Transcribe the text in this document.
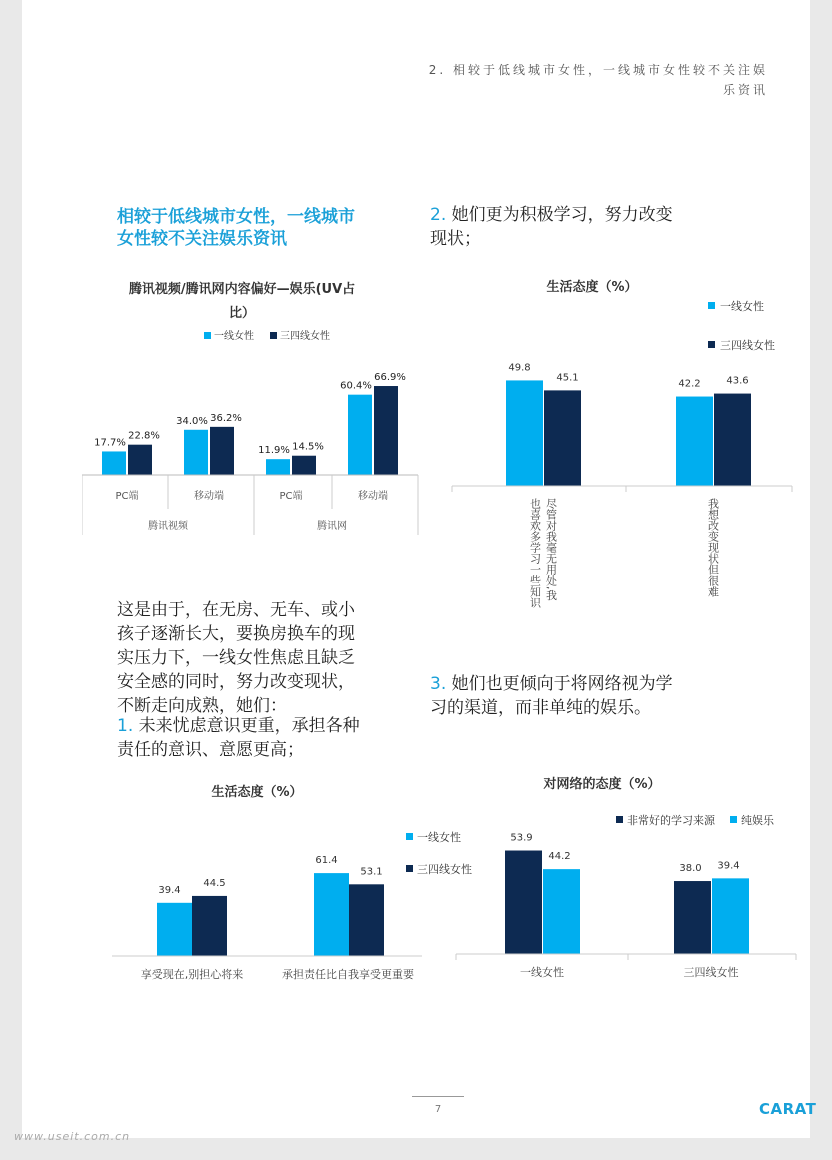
2. 相较于低线城市女性，一线城市女性较不关注娱
乐资讯
相较于低线城市女性，一线城市
女性较不关注娱乐资讯
2. 她们更为积极学习，努力改变
现状；
腾讯视频/腾讯网内容偏好—娱乐(UV占
比）
一线女性	三四线女性
17.7%
22.8%
PC端
34.0% 36.2%
移动端
11.9% 14.5%
PC端
60.4%
66.9%
移动端
腾讯视频	腾讯网
生活态度（%）
一线女性
三四线女性
49.8
45.1
尽管对我毫无用处,我
也喜欢多学习一些知识
42.2	43.6
我想改变现状但很难
这是由于，在无房、无车、或小
孩子逐渐长大，要换房换车的现
实压力下，一线女性焦虑且缺乏
安全感的同时，努力改变现状，
不断走向成熟，她们：
1. 未来忧虑意识更重，承担各种
责任的意识、意愿更高；
3. 她们也更倾向于将网络视为学
习的渠道，而非单纯的娱乐。
生活态度（%）
一线女性
三四线女性
39.4
44.5
享受现在,别担心将来
61.4
53.1
承担责任比自我享受更重要
对网络的态度（%）
非常好的学习来源 纯娱乐
53.9
44.2
一线女性
38.0 39.4
三四线女性
7	CARAT
www.useit.com.cn
